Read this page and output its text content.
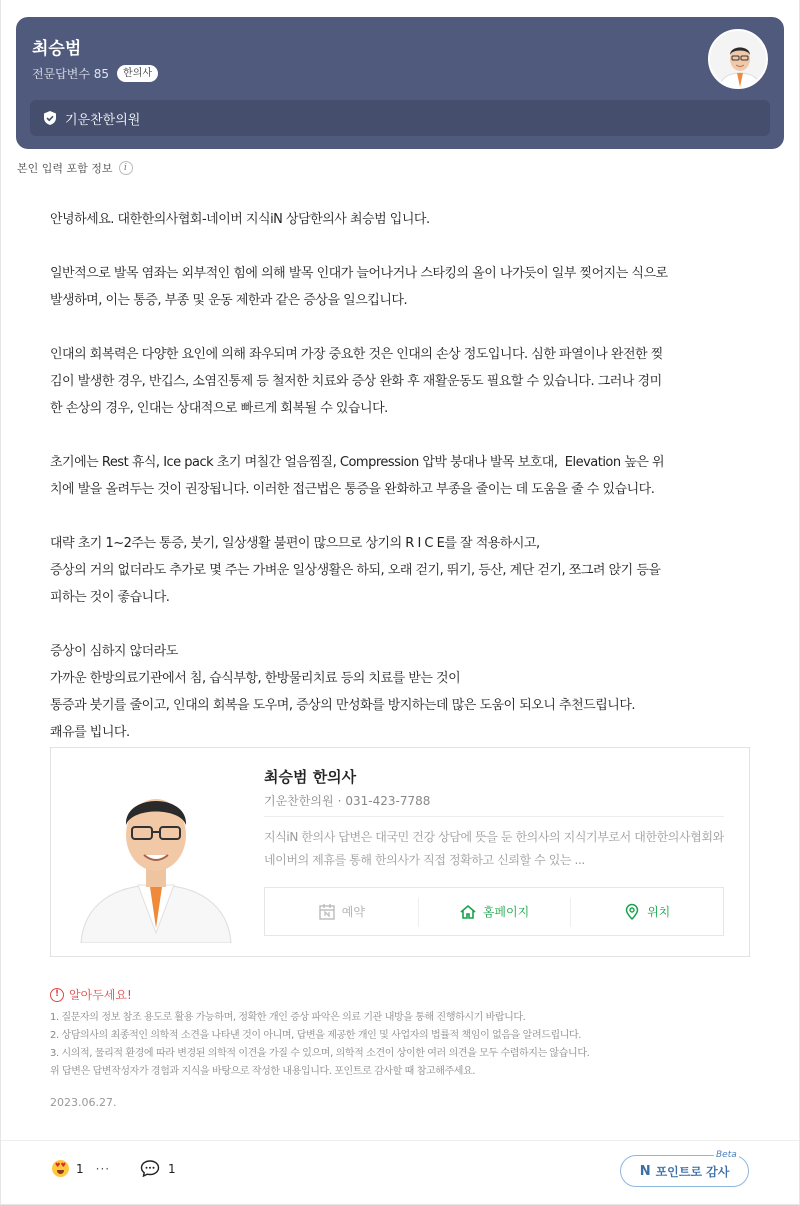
최승범
전문답변수 85	한의사
기운찬한의원
본인 입력 포함 정보	i

안녕하세요. 대한한의사협회-네이버 지식iN 상담한의사 최승범 입니다.

일반적으로 발목 염좌는 외부적인 힘에 의해 발목 인대가 늘어나거나 스타킹의 올이 나가듯이 일부 찢어지는 식으로
발생하며, 이는 통증, 부종 및 운동 제한과 같은 증상을 일으킵니다.

인대의 회복력은 다양한 요인에 의해 좌우되며 가장 중요한 것은 인대의 손상 정도입니다. 심한 파열이나 완전한 찢
김이 발생한 경우, 반깁스, 소염진통제 등 철저한 치료와 증상 완화 후 재활운동도 필요할 수 있습니다. 그러나 경미
한 손상의 경우, 인대는 상대적으로 빠르게 회복될 수 있습니다.

초기에는 Rest 휴식, Ice pack 초기 며칠간 얼음찜질, Compression 압박 붕대나 발목 보호대,  Elevation 높은 위
치에 발을 올려두는 것이 권장됩니다. 이러한 접근법은 통증을 완화하고 부종을 줄이는 데 도움을 줄 수 있습니다.

대략 초기 1~2주는 통증, 붓기, 일상생활 불편이 많으므로 상기의 R I C E를 잘 적용하시고,
증상의 거의 없더라도 추가로 몇 주는 가벼운 일상생활은 하되, 오래 걷기, 뛰기, 등산, 계단 걷기, 쪼그려 앉기 등을
피하는 것이 좋습니다.

증상이 심하지 않더라도
가까운 한방의료기관에서 침, 습식부항, 한방물리치료 등의 치료를 받는 것이
통증과 붓기를 줄이고, 인대의 회복을 도우며, 증상의 만성화를 방지하는데 많은 도움이 되오니 추천드립니다.
쾌유를 빕니다.

최승범 한의사
기운찬한의원 · 031-423-7788
지식iN 한의사 답변은 대국민 건강 상담에 뜻을 둔 한의사의 지식기부로서 대한한의사협회와 네이버의 제휴를 통해 한의사가 직접 정확하고 신뢰할 수 있는 ...
예약	홈페이지	위치
! 알아두세요!
1. 질문자의 정보 참조 용도로 활용 가능하며, 정확한 개인 증상 파악은 의료 기관 내방을 통해 진행하시기 바랍니다.
2. 상담의사의 최종적인 의학적 소견을 나타낸 것이 아니며, 답변을 제공한 개인 및 사업자의 법률적 책임이 없음을 알려드립니다.
3. 시의적, 물리적 환경에 따라 변경된 의학적 이견을 가질 수 있으며, 의학적 소견이 상이한 여러 의견을 모두 수렴하지는 않습니다.
위 답변은 답변작성자가 경험과 지식을 바탕으로 작성한 내용입니다. 포인트로 감사할 때 참고해주세요.
2023.06.27.
♥
♥
1 ···	1	N 포인트로 감사
Beta
